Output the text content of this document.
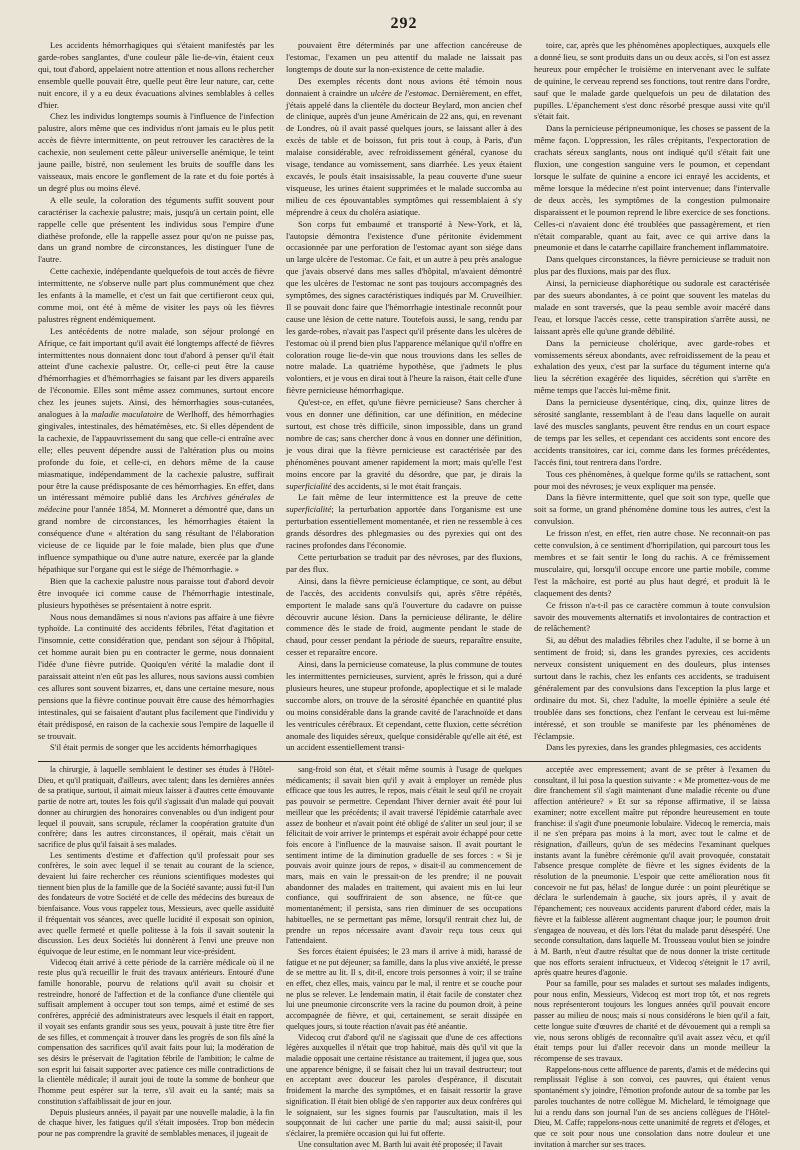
292

Les accidents hémorrhagiques qui s'étaient manifestés par les garde-robes sanglantes, d'une couleur pâle lie-de-vin, étaient ceux qui, tout d'abord, appelaient notre attention et nous allons rechercher ensemble quelle pouvait être, quelle peut être leur nature, car, cette nuit encore, il y a eu deux évacuations alvines semblables à celles d'hier.

Chez les individus longtemps soumis à l'influence de l'infection palustre, alors même que ces individus n'ont jamais eu le plus petit accès de fièvre intermittente, on peut retrouver les caractères de la cachexie, non seulement cette pâleur universelle anémique, le teint jaune paille, bistré, non seulement les bruits de souffle dans les vaisseaux, mais encore le gonflement de la rate et du foie portés à un degré plus ou moins élevé.

A elle seule, la coloration des téguments suffit souvent pour caractériser la cachexie palustre; mais, jusqu'à un certain point, elle rappelle celle que présentent les individus sous l'empire d'une diathèse profonde, elle la rappelle assez pour qu'on ne puisse pas, dans un grand nombre de circonstances, les distinguer l'une de l'autre.

Cette cachexie, indépendante quelquefois de tout accès de fièvre intermittente, ne s'observe nulle part plus communément que chez les enfants à la mamelle, et c'est un fait que certifieront ceux qui, comme moi, ont été à même de visiter les pays où les fièvres palustres règnent endémiquement.

Les antécédents de notre malade, son séjour prolongé en Afrique, ce fait important qu'il avait été longtemps affecté de fièvres intermittentes nous donnaient donc tout d'abord à penser qu'il était atteint d'une cachexie palustre. Or, celle-ci peut être la cause d'hémorrhagies et d'hémorrhagies se faisant par les divers appareils de l'économie. Elles sont même assez communes, surtout encore chez les jeunes sujets. Ainsi, des hémorrhagies sous-cutanées, analogues à la maladie maculatoire de Werlhoff, des hémorrhagies gingivales, intestinales, des hématémèses, etc. Si elles dépendent de la cachexie, de l'appauvrissement du sang que celle-ci entraîne avec elle; elles peuvent dépendre aussi de l'altération plus ou moins profonde du foie, et celle-ci, en dehors même de la cause miasmatique, indépendamment de la cachexie palustre, suffirait pour être la cause prédisposante de ces hémorrhagies. En effet, dans un intéressant mémoire publié dans les Archives générales de médecine pour l'année 1854, M. Monneret a démontré que, dans un grand nombre de circonstances, les hémorrhagies étaient la conséquence d'une « altération du sang résultant de l'élaboration vicieuse de ce liquide par le foie malade, bien plus que d'une influence sympathique ou d'une autre nature, exercée par la glande hépathique sur l'organe qui est le siége de l'hémorrhagie. »

Bien que la cachexie palustre nous paraisse tout d'abord devoir être invoquée ici comme cause de l'hémorrhagie intestinale, plusieurs hypothèses se présentaient à notre esprit.

Nous nous demandâmes si nous n'avions pas affaire à une fièvre typhoïde. La continuité des accidents fébriles, l'état d'agitation et l'insomnie, cette considération que, pendant son séjour à l'hôpital, cet homme aurait bien pu en contracter le germe, nous donnaient l'idée d'une fièvre putride. Quoiqu'en vérité la maladie dont il paraissait atteint n'en eût pas les allures, nous savions aussi combien ces allures sont souvent bizarres, et, dans une certaine mesure, nous pensions que la fièvre continue pouvait être cause des hémorrhagies intestinales, qui se faisaient d'autant plus facilement que l'individu y était prédisposé, en raison de la cachexie sous l'empire de laquelle il se trouvait.

S'il était permis de songer que les accidents hémorrhagiques

pouvaient être déterminés par une affection cancéreuse de l'estomac, l'examen un peu attentif du malade ne laissait pas longtemps de doute sur la non-existence de cette maladie.

Des exemples récents dont nous avions été témoin nous donnaient à craindre un ulcère de l'estomac. Dernièrement, en effet, j'étais appelé dans la clientèle du docteur Beylard, mon ancien chef de clinique, auprès d'un jeune Américain de 22 ans, qui, en revenant de Londres, où il avait passé quelques jours, se laissant aller à des excès de table et de boisson, fut pris tout à coup, à Paris, d'un malaise considérable, avec refroidissement général, cyanose du visage, tendance au vomissement, sans diarrhée. Les yeux étaient excavés, le pouls était insaisissable, la peau couverte d'une sueur visqueuse, les urines étaient supprimées et le malade succomba au milieu de ces épouvantables symptômes qui ressemblaient à s'y méprendre à ceux du choléra asiatique.

Son corps fut embaumé et transporté à New-York, et là, l'autopsie démontra l'existence d'une péritonite évidemment occasionnée par une perforation de l'estomac ayant son siége dans un large ulcère de l'estomac. Ce fait, et un autre à peu près analogue que j'avais observé dans mes salles d'hôpital, m'avaient démontré que les ulcères de l'estomac ne sont pas toujours accompagnés des symptômes, des signes caractéristiques indiqués par M. Cruveilhier. Il se pouvait donc faire que l'hémorrhagie intestinale reconnût pour cause une lésion de cette nature. Toutefois aussi, le sang, rendu par les garde-robes, n'avait pas l'aspect qu'il présente dans les ulcères de l'estomac où il prend bien plus l'apparence mélanique qu'il n'offre en coloration rouge lie-de-vin que nous trouvions dans les selles de notre malade. La quatrième hypothèse, que j'admets le plus volontiers, et je vous en dirai tout à l'heure la raison, était celle d'une fièvre pernicieuse hémorrhagique.

Qu'est-ce, en effet, qu'une fièvre pernicieuse? Sans chercher à vous en donner une définition, car une définition, en médecine surtout, est chose très difficile, sinon impossible, dans un grand nombre de cas; sans chercher donc à vous en donner une définition, je vous dirai que la fièvre pernicieuse est caractérisée par des phénomènes pouvant amener rapidement la mort; mais qu'elle l'est moins encore par la gravité du désordre, que par, je dirais la superficialité des accidents, si le mot était français.

Le fait même de leur intermittence est la preuve de cette superficialité; la perturbation apportée dans l'organisme est une perturbation essentiellement momentanée, et rien ne ressemble à ces grands désordres des phlegmasies ou des pyrexies qui ont des racines profondes dans l'économie.

Cette perturbation se traduit par des névroses, par des fluxions, par des flux.

Ainsi, dans la fièvre pernicieuse éclamptique, ce sont, au début de l'accès, des accidents convulsifs qui, après s'être répétés, emportent le malade sans qu'à l'ouverture du cadavre on puisse découvrir aucune lésion. Dans la pernicieuse délirante, le délire commence dès le stade de froid, augmente pendant le stade de chaud, pour cesser pendant la période de sueurs, reparaître ensuite, cesser et reparaître encore.

Ainsi, dans la pernicieuse comateuse, la plus commune de toutes les intermittentes pernicieuses, survient, après le frisson, qui a duré plusieurs heures, une stupeur profonde, apoplectique et si le malade succombe alors, on trouve de la sérosité épanchée en quantité plus ou moins considérable dans la grande cavité de l'arachnoïde et dans les ventricules cérébraux. Et cependant, cette fluxion, cette sécrétion anomale des liquides séreux, quelque considérable qu'elle ait été, est un accident essentiellement transi-

toire, car, après que les phénomènes apoplectiques, auxquels elle a donné lieu, se sont produits dans un ou deux accès, si l'on est assez heureux pour empêcher le troisième en intervenant avec le sulfate de quinine, le cerveau reprend ses fonctions, tout rentre dans l'ordre, sauf que le malade garde quelquefois un peu de dilatation des pupilles. L'épanchement s'est donc résorbé presque aussi vite qu'il s'était fait.

Dans la pernicieuse péripneumonique, les choses se passent de la même façon. L'oppression, les râles crépitants, l'expectoration de crachats séreux sanglants, nous ont indiqué qu'il s'était fait une fluxion, une congestion sanguine vers le poumon, et cependant lorsque le sulfate de quinine a encore ici enrayé les accidents, et même lorsque la médecine n'est point intervenue; dans l'intervalle de deux accès, les symptômes de la congestion pulmonaire disparaissent et le poumon reprend le libre exercice de ses fonctions. Celles-ci n'avaient donc été troublées que passagèrement, et rien n'était comparable, quant au fait, avec ce qui arrive dans la pneumonie et dans le catarrhe capillaire franchement inflammatoire.

Dans quelques circonstances, la fièvre pernicieuse se traduit non plus par des fluxions, mais par des flux.

Ainsi, la pernicieuse diaphorétique ou sudorale est caractérisée par des sueurs abondantes, à ce point que souvent les matelas du malade en sont traversés, que la peau semble avoir macéré dans l'eau, et lorsque l'accès cesse, cette transpiration s'arrête aussi, ne laissant après elle qu'une grande débilité.

Dans la pernicieuse cholérique, avec garde-robes et vomissements séreux abondants, avec refroidissement de la peau et exhalation des yeux, c'est par la surface du tégument interne qu'a lieu la sécrétion exagérée des liquides, sécrétion qui s'arrête en même temps que l'accès lui-même finit.

Dans la pernicieuse dysentérique, cinq, dix, quinze litres de sérosité sanglante, ressemblant à de l'eau dans laquelle on aurait lavé des muscles sanglants, peuvent être rendus en un court espace de temps par les selles, et cependant ces accidents sont encore des accidents transitoires, car ici, comme dans les formes précédentes, l'accès fini, tout rentrera dans l'ordre.

Tous ces phénomènes, à quelque forme qu'ils se rattachent, sont pour moi des névroses; je veux expliquer ma pensée.

Dans la fièvre intermittente, quel que soit son type, quelle que soit sa forme, un grand phénomène domine tous les autres, c'est la convulsion.

Le frisson n'est, en effet, rien autre chose. Ne reconnait-on pas cette convulsion, à ce sentiment d'horripilation, qui parcourt tous les membres et se fait sentir le long du rachis. A ce frémissement musculaire, qui, lorsqu'il occupe encore une partie mobile, comme l'est la mâchoire, est porté au plus haut degré, et produit là le claquement des dents?

Ce frisson n'a-t-il pas ce caractère commun à toute convulsion savoir des mouvements alternatifs et involontaires de contraction et de relâchement?

Si, au début des maladies fébriles chez l'adulte, il se borne à un sentiment de froid; si, dans les grandes pyrexies, ces accidents nerveux consistent uniquement en des douleurs, plus intenses surtout dans le rachis, chez les enfants ces accidents, se traduisent généralement par des convulsions dans l'exception la plus large et ordinaire du mot. Si, chez l'adulte, la moelle épinière a seule été troublée dans ses fonctions, chez l'enfant le cerveau est lui-même intéressé, et son trouble se manifeste par les phénomènes de l'éclampsie.

Dans les pyrexies, dans les grandes phlegmasies, ces accidents

la chirurgie, à laquelle semblaient le destiner ses études à l'Hôtel-Dieu, et qu'il pratiquait, d'ailleurs, avec talent; dans les dernières années de sa pratique, surtout, il aimait mieux laisser à d'autres cette émouvante partie de notre art, toutes les fois qu'il s'agissait d'un malade qui pouvait donner au chirurgien des honoraires convenables ou d'un indigent pour lequel il pouvait, sans scrupule, réclamer la coopération gratuite d'un confrère; dans les autres circonstances, il opérait, mais c'était un sacrifice de plus qu'il faisait à ses malades.

Les sentiments d'estime et d'affection qu'il professait pour ses confrères, le soin avec lequel il se tenait au courant de la science, devaient lui faire rechercher ces réunions scientifiques modestes qui tiennent bien plus de la famille que de la Société savante; aussi fut-il l'un des fondateurs de votre Société et de celle des médecins des bureaux de bienfaisance. Vous vous rappelez tous, Messieurs, avec quelle assiduité il fréquentait vos séances, avec quelle lucidité il exposait son opinion, avec quelle fermeté et quelle politesse à la fois il savait soutenir la discussion. Les deux Sociétés lui donnèrent à l'envi une preuve non équivoque de leur estime, en le nommant leur vice-président.

Videcoq était arrivé à cette période de la carrière médicale où il ne reste plus qu'à recueillir le fruit des travaux antérieurs. Entouré d'une famille honorable, pourvu de relations qu'il avait su choisir et restreindre, honoré de l'affection et de la confiance d'une clientèle qui suffisait amplement à occuper tout son temps, aimé et estimé de ses confrères, apprécié des administrateurs avec lesquels il était en rapport, il voyait ses enfants grandir sous ses yeux, pouvait à juste titre être fier de ses filles, et commençait à trouver dans les progrès de son fils aîné la compensation des sacrifices qu'il avait faits pour lui; la modération de ses désirs le préservait de l'agitation fébrile de l'ambition; le calme de son esprit lui faisait supporter avec patience ces mille contradictions de la clientèle médicale; il aurait joui de toute la somme de bonheur que l'homme peut espérer sur la terre, s'il avait eu la santé; mais sa constitution s'affaiblissait de jour en jour.

Depuis plusieurs années, il payait par une nouvelle maladie, à la fin de chaque hiver, les fatigues qu'il s'était imposées. Trop bon médecin pour ne pas comprendre la gravité de semblables menaces, il jugeait de

sang-froid son état, et s'était même soumis à l'usage de quelques médicaments; il savait bien qu'il y avait à employer un remède plus efficace que tous les autres, le repos, mais c'était le seul qu'il ne croyait pas pouvoir se permettre. Cependant l'hiver dernier avait été pour lui meilleur que les précédents; il avait traversé l'épidémie catarrhale avec assez de bonheur et n'avait point été obligé de s'aliter un seul jour; il se félicitait de voir arriver le printemps et espérait avoir échappé pour cette fois encore à l'influence de la mauvaise saison. Il avait pourtant le sentiment intime de la diminution graduelle de ses forces : « Si je pouvais avoir quinze jours de repos, » disait-il au commencement de mars, mais en vain le pressait-on de les prendre; il ne pouvait abandonner des malades en traitement, qui avaient mis en lui leur confiance, qui souffriraient de son absence, ne fût-ce que momentanément; il persista, sans rien diminuer de ses occupations habituelles, ne se permettant pas même, lorsqu'il rentrait chez lui, de prendre un repos nécessaire avant d'avoir reçu tous ceux qui l'attendaient.

Ses forces étaient épuisées; le 23 mars il arrive à midi, harassé de fatigue et ne put déjeuner; sa famille, dans la plus vive anxiété, le presse de se mettre au lit. Il s, dit-il, encore trois personnes à voir; il se traîne en effet, chez elles, mais, vaincu par le mal, il rentre et se couche pour ne plus se relever. Le lendemain matin, il était facile de constater chez lui une pneumonie circonscrite vers la racine du poumon droit, à peine accompagnée de fièvre, et qui, certainement, se serait dissipée en quelques jours, si toute réaction n'avait pas été anéantie.

Videcoq crut d'abord qu'il ne s'agissait que d'une de ces affections légères auxquelles il n'était que trop habitué, mais dès qu'il vit que la maladie opposait une certaine résistance au traitement, il jugea que, sous une apparence bénigne, il se faisait chez lui un travail destructeur; tout en acceptant avec douceur les paroles d'espérance, il discutait froidement la marche des symptômes, et en faisait ressortir la grave signification. Il était bien obligé de s'en rapporter aux deux confrères qui le soignaient, sur les signes fournis par l'auscultation, mais il les soupçonnait de lui cacher une partie du mal; aussi saisit-il, pour s'éclairer, la première occasion qui lui fut offerte.

Une consultation avec M. Barth lui avait été proposée; il l'avait

acceptée avec empressement; avant de se prêter à l'examen du consultant, il lui posa la question suivante : « Me promettez-vous de me dire franchement s'il s'agit maintenant d'une maladie récente ou d'une affection antérieure? » Et sur sa réponse affirmative, il se laissa examiner; notre excellent maître put répondre heureusement en toute franchise: il s'agit d'une pneumonie lobulaire. Videcoq le remercia, mais il ne s'en prépara pas moins à la mort, avec tout le calme et de résignation, d'ailleurs, qu'un de ses médecins l'examinant quelques instants avant la funèbre cérémonie qu'il avait provoquée, constatait l'absence presque complète de fièvre et les signes évidents de la résolution de la pneumonie. L'espoir que cette amélioration nous fit concevoir ne fut pas, hélas! de longue durée : un point pleurétique se déclara le surlendemain à gauche, six jours après, il y avait de l'épanchement; ces nouveaux accidents parurent d'abord céder, mais la fièvre et la faiblesse allèrent augmentant chaque jour; le poumon droit s'engagea de nouveau, et dès lors l'état du malade parut désespéré. Une seconde consultation, dans laquelle M. Trousseau voulut bien se joindre à M. Barth, n'eut d'autre résultat que de nous donner la triste certitude que nos efforts seraient infructueux, et Videcoq s'éteignit le 17 avril, après quatre heures d'agonie.

Pour sa famille, pour ses malades et surtout ses malades indigents, pour nous enfin, Messieurs, Videcoq est mort trop tôt, et nos regrets nous représenteront toujours les longues années qu'il pouvait encore passer au milieu de nous; mais si nous considérons le bien qu'il a fait, cette longue suite d'œuvres de charité et de dévouement qui a rempli sa vie, nous serons obligés de reconnaître qu'il avait assez vécu, et qu'il était temps pour lui d'aller recevoir dans un monde meilleur la récompense de ses travaux.

Rappelons-nous cette affluence de parents, d'amis et de médecins qui remplissait l'église à son convoi, ces pauvres, qui étaient venus spontanément s'y joindre, l'émotion profonde autour de sa tombe par les paroles touchantes de notre collègue M. Michelard, le témoignage que lui a rendu dans son journal l'un de ses anciens collègues de l'Hôtel-Dieu, M. Caffe; rappelons-nous cette unanimité de regrets et d'éloges, et que ce soit pour nous une consolation dans notre douleur et une invitation à marcher sur ses traces.
